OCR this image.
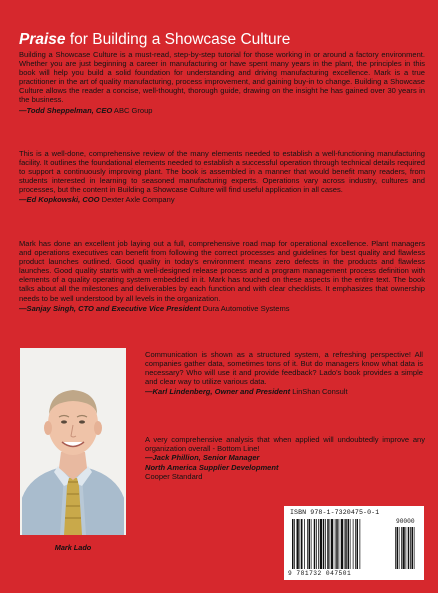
Praise for Building a Showcase Culture

Building a Showcase Culture is a must-read, step-by-step tutorial for those working in or around a factory environment. Whether you are just beginning a career in manufacturing or have spent many years in the plant, the principles in this book will help you build a solid foundation for understanding and driving manufacturing excellence. Mark is a true practitioner in the art of quality manufacturing, process improvement, and gaining buy-in to change. Building a Showcase Culture allows the reader a concise, well-thought, thorough guide, drawing on the insight he has gained over 30 years in the business.

—Todd Sheppelman, CEO ABC Group

This is a well-done, comprehensive review of the many elements needed to establish a well-functioning manufacturing facility. It outlines the foundational elements needed to establish a successful operation through technical details required to support a continuously improving plant. The book is assembled in a manner that would benefit many readers, from students interested in learning to seasoned manufacturing experts. Operations vary across industry, cultures and processes, but the content in Building a Showcase Culture will find useful application in all cases.

—Ed Kopkowski, COO Dexter Axle Company

Mark has done an excellent job laying out a full, comprehensive road map for operational excellence. Plant managers and operations executives can benefit from following the correct processes and guidelines for best quality and flawless product launches outlined. Good quality in today's environment means zero defects in the products and flawless launches. Good quality starts with a well-designed release process and a program management process definition with elements of a quality operating system embedded in it. Mark has touched on these aspects in the entire text. The book talks about all the milestones and deliverables by each function and with clear checklists. It emphasizes that ownership needs to be well understood by all levels in the organization.

—Sanjay Singh, CTO and Executive Vice President Dura Automotive Systems
Mark Lado

Communication is shown as a structured system, a refreshing perspective! All companies gather data, sometimes tons of it. But do managers know what data is necessary? Who will use it and provide feedback? Lado's book provides a simple and clear way to utilize various data.

—Karl Lindenberg, Owner and President LinShan Consult

A very comprehensive analysis that when applied will undoubtedly improve any organization overall - Bottom Line!

—Jack Phillion, Senior Manager
North America Supplier Development
Cooper Standard
ISBN 978-1-7320475-0-1
90000
9 781732 047501
